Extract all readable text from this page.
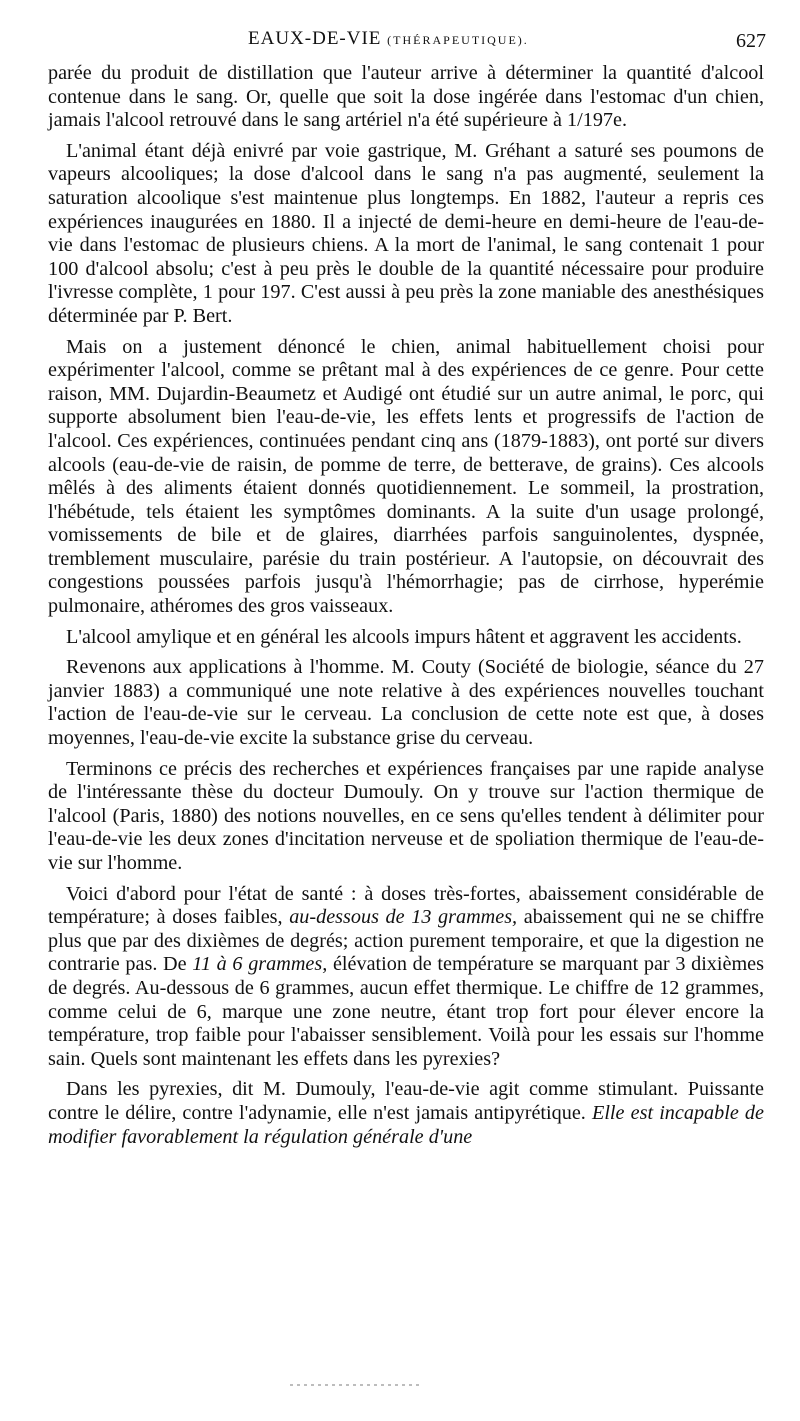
EAUX-DE-VIE (THÉRAPEUTIQUE).	627

parée du produit de distillation que l'auteur arrive à déterminer la quantité d'alcool contenue dans le sang. Or, quelle que soit la dose ingérée dans l'estomac d'un chien, jamais l'alcool retrouvé dans le sang artériel n'a été supérieure à 1/197e.

L'animal étant déjà enivré par voie gastrique, M. Gréhant a saturé ses poumons de vapeurs alcooliques; la dose d'alcool dans le sang n'a pas augmenté, seulement la saturation alcoolique s'est maintenue plus longtemps. En 1882, l'auteur a repris ces expériences inaugurées en 1880. Il a injecté de demi-heure en demi-heure de l'eau-de-vie dans l'estomac de plusieurs chiens. A la mort de l'animal, le sang contenait 1 pour 100 d'alcool absolu; c'est à peu près le double de la quantité nécessaire pour produire l'ivresse complète, 1 pour 197. C'est aussi à peu près la zone maniable des anesthésiques déterminée par P. Bert.

Mais on a justement dénoncé le chien, animal habituellement choisi pour expérimenter l'alcool, comme se prêtant mal à des expériences de ce genre. Pour cette raison, MM. Dujardin-Beaumetz et Audigé ont étudié sur un autre animal, le porc, qui supporte absolument bien l'eau-de-vie, les effets lents et progressifs de l'action de l'alcool. Ces expériences, continuées pendant cinq ans (1879-1883), ont porté sur divers alcools (eau-de-vie de raisin, de pomme de terre, de betterave, de grains). Ces alcools mêlés à des aliments étaient donnés quotidiennement. Le sommeil, la prostration, l'hébétude, tels étaient les symptômes dominants. A la suite d'un usage prolongé, vomissements de bile et de glaires, diarrhées parfois sanguinolentes, dyspnée, tremblement musculaire, parésie du train postérieur. A l'autopsie, on découvrait des congestions poussées parfois jusqu'à l'hémorrhagie; pas de cirrhose, hyperémie pulmonaire, athéromes des gros vaisseaux.

L'alcool amylique et en général les alcools impurs hâtent et aggravent les accidents.

Revenons aux applications à l'homme. M. Couty (Société de biologie, séance du 27 janvier 1883) a communiqué une note relative à des expériences nouvelles touchant l'action de l'eau-de-vie sur le cerveau. La conclusion de cette note est que, à doses moyennes, l'eau-de-vie excite la substance grise du cerveau.

Terminons ce précis des recherches et expériences françaises par une rapide analyse de l'intéressante thèse du docteur Dumouly. On y trouve sur l'action thermique de l'alcool (Paris, 1880) des notions nouvelles, en ce sens qu'elles tendent à délimiter pour l'eau-de-vie les deux zones d'incitation nerveuse et de spoliation thermique de l'eau-de-vie sur l'homme.

Voici d'abord pour l'état de santé : à doses très-fortes, abaissement considérable de température; à doses faibles, au-dessous de 13 grammes, abaissement qui ne se chiffre plus que par des dixièmes de degrés; action purement temporaire, et que la digestion ne contrarie pas. De 11 à 6 grammes, élévation de température se marquant par 3 dixièmes de degrés. Au-dessous de 6 grammes, aucun effet thermique. Le chiffre de 12 grammes, comme celui de 6, marque une zone neutre, étant trop fort pour élever encore la température, trop faible pour l'abaisser sensiblement. Voilà pour les essais sur l'homme sain. Quels sont maintenant les effets dans les pyrexies?

Dans les pyrexies, dit M. Dumouly, l'eau-de-vie agit comme stimulant. Puissante contre le délire, contre l'adynamie, elle n'est jamais antipyrétique. Elle est incapable de modifier favorablement la régulation générale d'une
